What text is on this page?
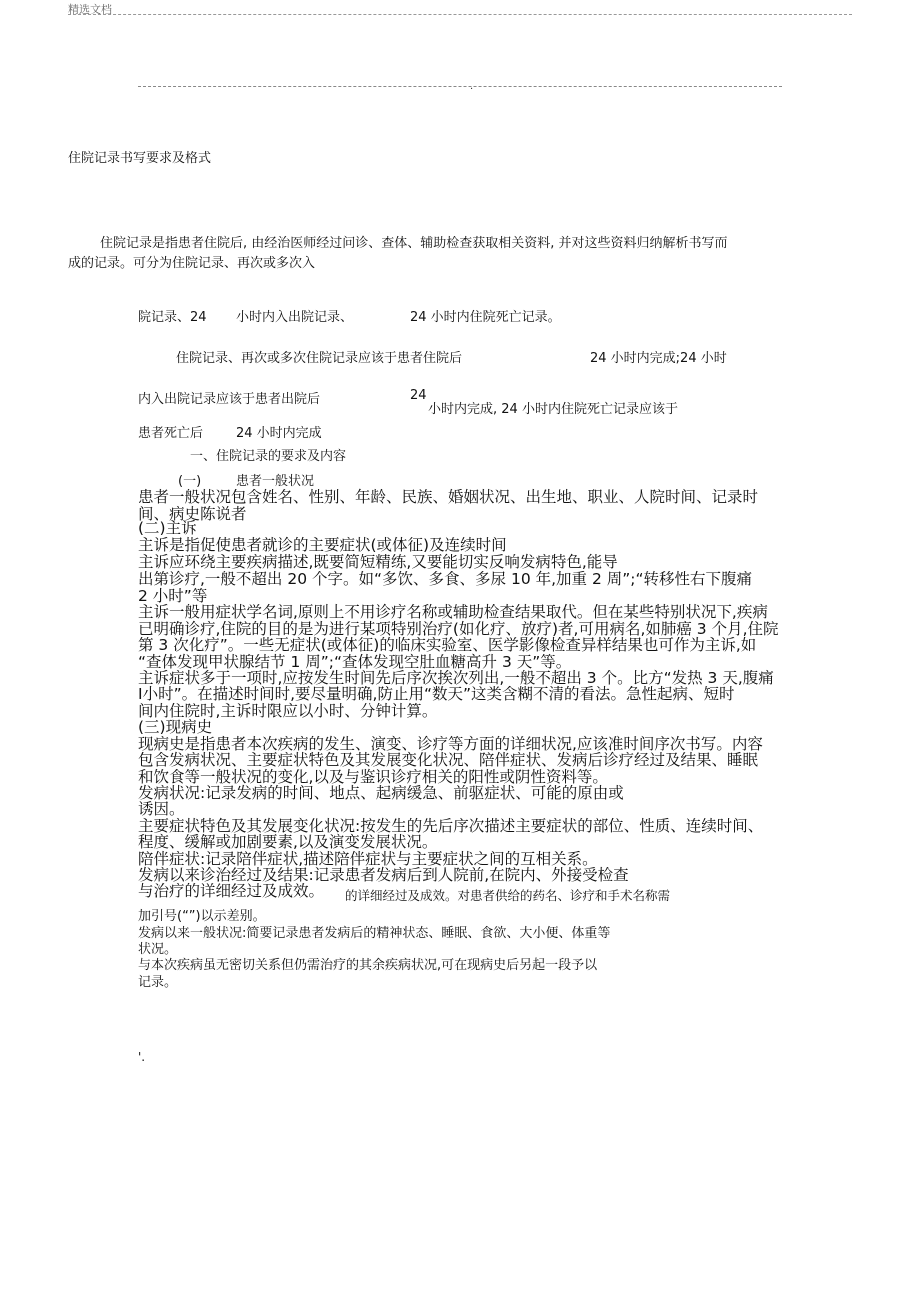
精选文档
·
住院记录书写要求及格式
住院记录是指患者住院后, 由经治医师经过问诊、查体、辅助检查获取相关资料, 并对这些资料归纳解析书写而
成的记录。可分为住院记录、再次或多次入
院记录、24 小时内入出院记录、	24 小时内住院死亡记录。
住院记录、再次或多次住院记录应该于患者住院后	24 小时内完成;24 小时
内入出院记录应该于患者出院后	24
小时内完成, 24 小时内住院死亡记录应该于
患者死亡后	24 小时内完成
一、住院记录的要求及内容
(一)	患者一般状况
患者一般状况包含姓名、性别、年龄、民族、婚姻状况、出生地、职业、人院时间、记录时
间、病史陈说者
(二)主诉
主诉是指促使患者就诊的主要症状(或体征)及连续时间
主诉应环绕主要疾病描述,既要简短精练,又要能切实反响发病特色,能导
出第诊疗,一般不超出 20 个字。如“多饮、多食、多尿 10 年,加重 2 周”;“转移性右下腹痛
2 小时”等
主诉一般用症状学名词,原则上不用诊疗名称或辅助检查结果取代。但在某些特别状况下,疾病
已明确诊疗,住院的目的是为进行某项特别治疗(如化疗、放疗)者,可用病名,如肺癌 3 个月,住院
第 3 次化疗”。一些无症状(或体征)的临床实验室、医学影像检查异样结果也可作为主诉,如
“查体发现甲状腺结节 1 周”;“查体发现空肚血糖高升 3 天”等。
主诉症状多于一项时,应按发生时间先后序次挨次列出,一般不超出 3 个。比方“发热 3 天,腹痛
Ⅰ小时”。在描述时间时,要尽量明确,防止用“数天”这类含糊不清的看法。急性起病、短时
间内住院时,主诉时限应以小时、分钟计算。
(三)现病史
现病史是指患者本次疾病的发生、演变、诊疗等方面的详细状况,应该准时间序次书写。内容
包含发病状况、主要症状特色及其发展变化状况、陪伴症状、发病后诊疗经过及结果、睡眠
和饮食等一般状况的变化,以及与鉴识诊疗相关的阳性或阴性资料等。
发病状况:记录发病的时间、地点、起病缓急、前驱症状、可能的原由或
诱因。
主要症状特色及其发展变化状况:按发生的先后序次描述主要症状的部位、性质、连续时间、
程度、缓解或加剧要素,以及演变发展状况。
陪伴症状:记录陪伴症状,描述陪伴症状与主要症状之间的互相关系。
发病以来诊治经过及结果:记录患者发病后到人院前,在院内、外接受检查
与治疗的详细经过及成效。 的详细经过及成效。对患者供给的药名、诊疗和手术名称需
加引号(“”)以示差别。
发病以来一般状况:简要记录患者发病后的精神状态、睡眠、食欲、大小便、体重等
状况。
与本次疾病虽无密切关系但仍需治疗的其余疾病状况,可在现病史后另起一段予以
记录。
'.
